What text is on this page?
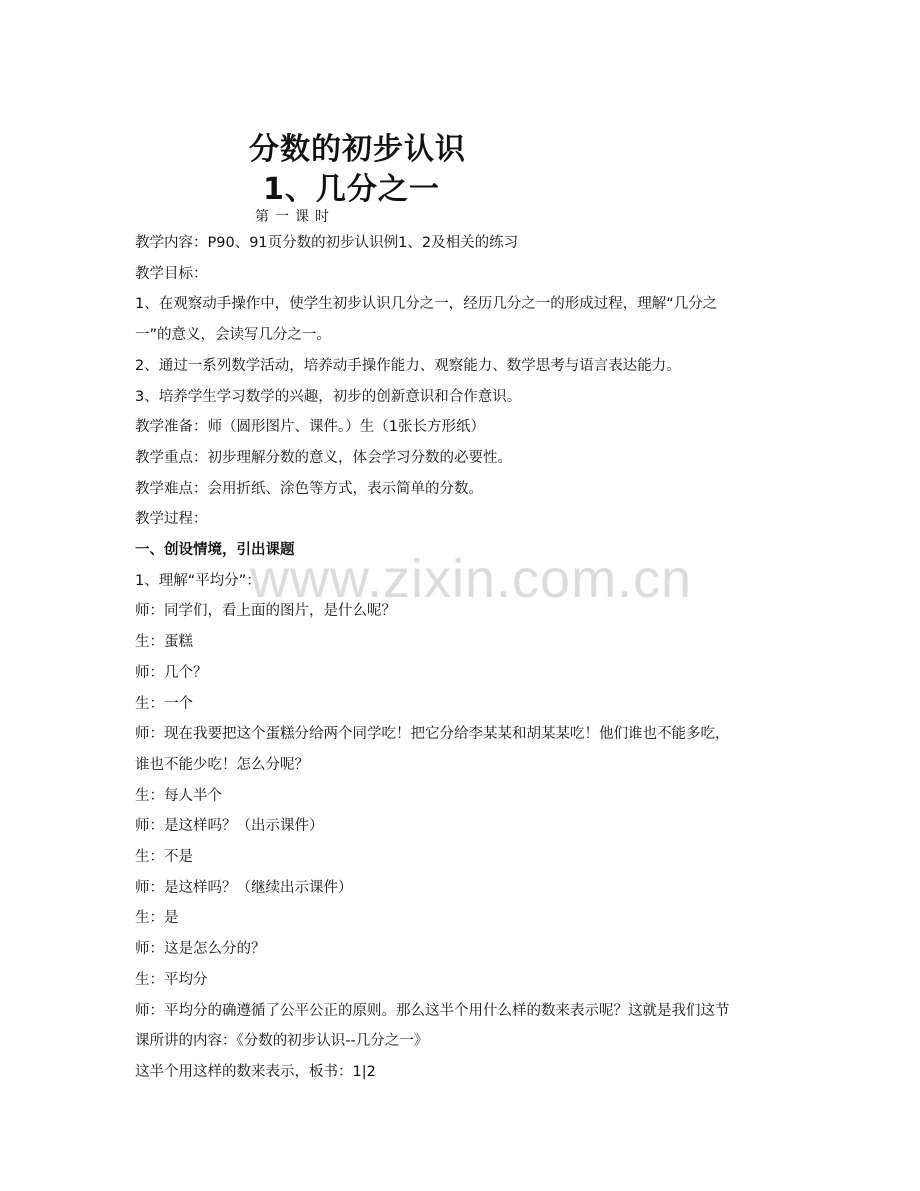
www.zixin.com.cn
分数的初步认识
1、几分之一
第一课时
教学内容：P90、91页分数的初步认识例1、2及相关的练习
教学目标：
1、在观察动手操作中，使学生初步认识几分之一，经历几分之一的形成过程，理解“几分之
一”的意义，会读写几分之一。
2、通过一系列数学活动，培养动手操作能力、观察能力、数学思考与语言表达能力。
3、培养学生学习数学的兴趣，初步的创新意识和合作意识。
教学准备：师（圆形图片、课件。）生（1张长方形纸）
教学重点：初步理解分数的意义，体会学习分数的必要性。
教学难点：会用折纸、涂色等方式，表示简单的分数。
教学过程：
一、创设情境，引出课题
1、理解“平均分”：
师：同学们，看上面的图片，是什么呢？
生：蛋糕
师：几个？
生：一个
师：现在我要把这个蛋糕分给两个同学吃！把它分给李某某和胡某某吃！他们谁也不能多吃，
谁也不能少吃！怎么分呢？
生：每人半个
师：是这样吗？（出示课件）
生：不是
师：是这样吗？（继续出示课件）
生：是
师：这是怎么分的？
生：平均分
师：平均分的确遵循了公平公正的原则。那么这半个用什么样的数来表示呢？这就是我们这节
课所讲的内容：《分数的初步认识--几分之一》
这半个用这样的数来表示，板书：1|2
